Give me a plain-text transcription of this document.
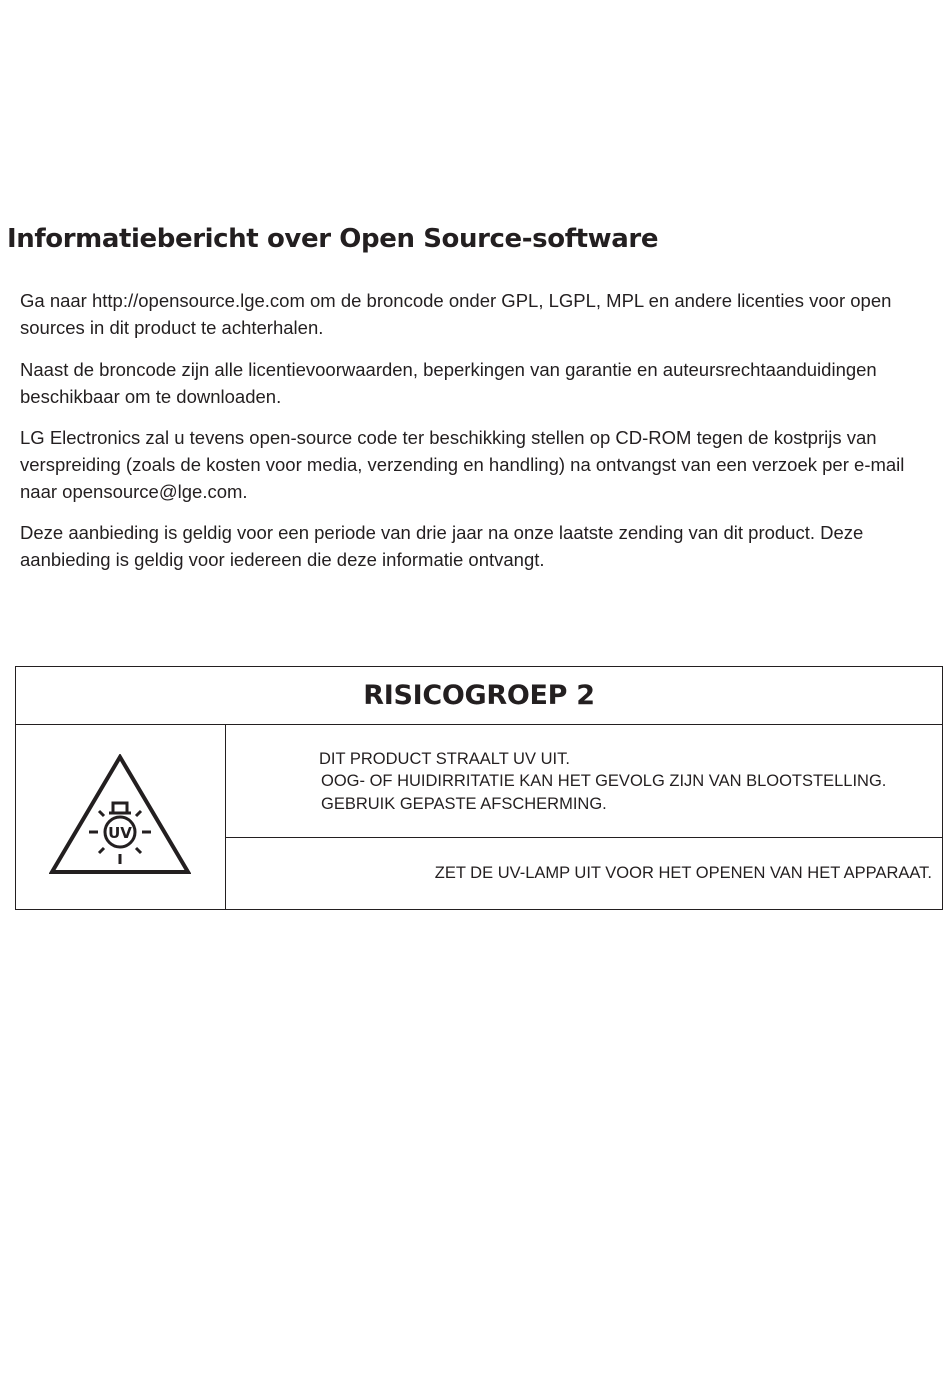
Informatiebericht over Open Source-software

Ga naar http://opensource.lge.com om de broncode onder GPL, LGPL, MPL en andere licenties voor open sources in dit product te achterhalen.

Naast de broncode zijn alle licentievoorwaarden, beperkingen van garantie en auteursrechtaanduidingen beschikbaar om te downloaden.

LG Electronics zal u tevens open-source code ter beschikking stellen op CD-ROM tegen de kostprijs van verspreiding (zoals de kosten voor media, verzending en handling) na ontvangst van een verzoek per e-mail naar opensource@lge.com.

Deze aanbieding is geldig voor een periode van drie jaar na onze laatste zending van dit product. Deze aanbieding is geldig voor iedereen die deze informatie ontvangt.

RISICOGROEP 2
UV
DIT PRODUCT STRAALT UV UIT.
OOG- OF HUIDIRRITATIE KAN HET GEVOLG ZIJN VAN BLOOTSTELLING.
GEBRUIK GEPASTE AFSCHERMING.
ZET DE UV-LAMP UIT VOOR HET OPENEN VAN HET APPARAAT.
